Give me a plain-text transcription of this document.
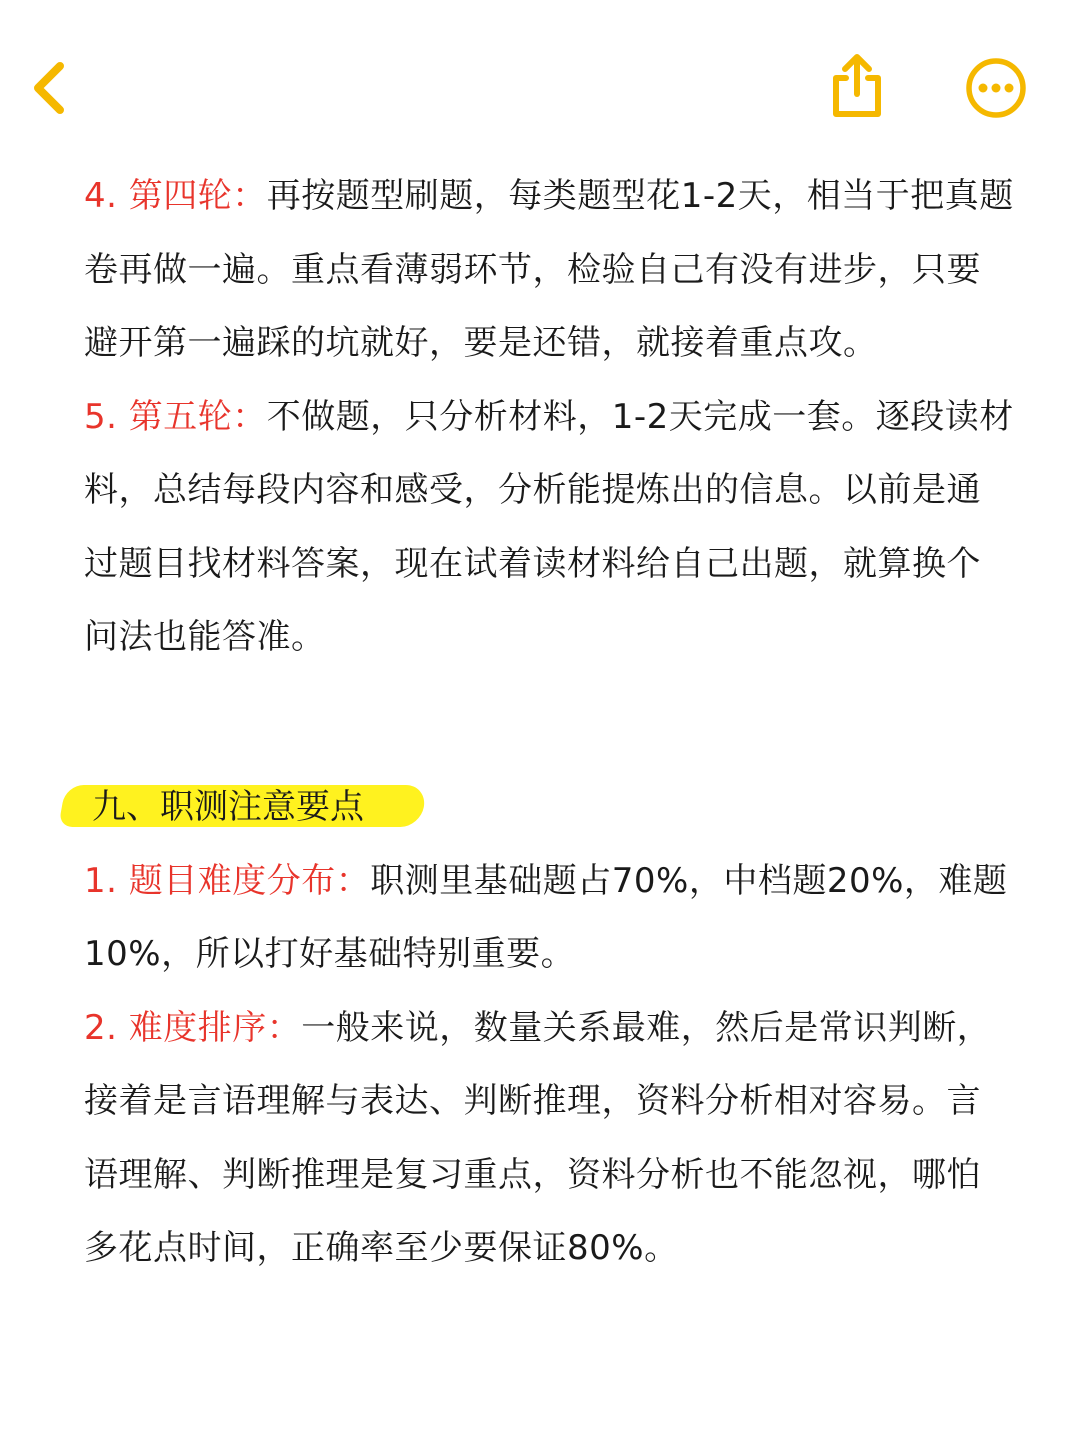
4. 第四轮：再按题型刷题，每类题型花1-2天，相当于把真题卷再做一遍。重点看薄弱环节，检验自己有没有进步，只要避开第一遍踩的坑就好，要是还错，就接着重点攻。

5. 第五轮：不做题，只分析材料，1-2天完成一套。逐段读材料，总结每段内容和感受，分析能提炼出的信息。以前是通过题目找材料答案，现在试着读材料给自己出题，就算换个问法也能答准。

九、职测注意要点

1. 题目难度分布：职测里基础题占70%，中档题20%，难题10%，所以打好基础特别重要。

2. 难度排序：一般来说，数量关系最难，然后是常识判断，接着是言语理解与表达、判断推理，资料分析相对容易。言语理解、判断推理是复习重点，资料分析也不能忽视，哪怕多花点时间，正确率至少要保证80%。
